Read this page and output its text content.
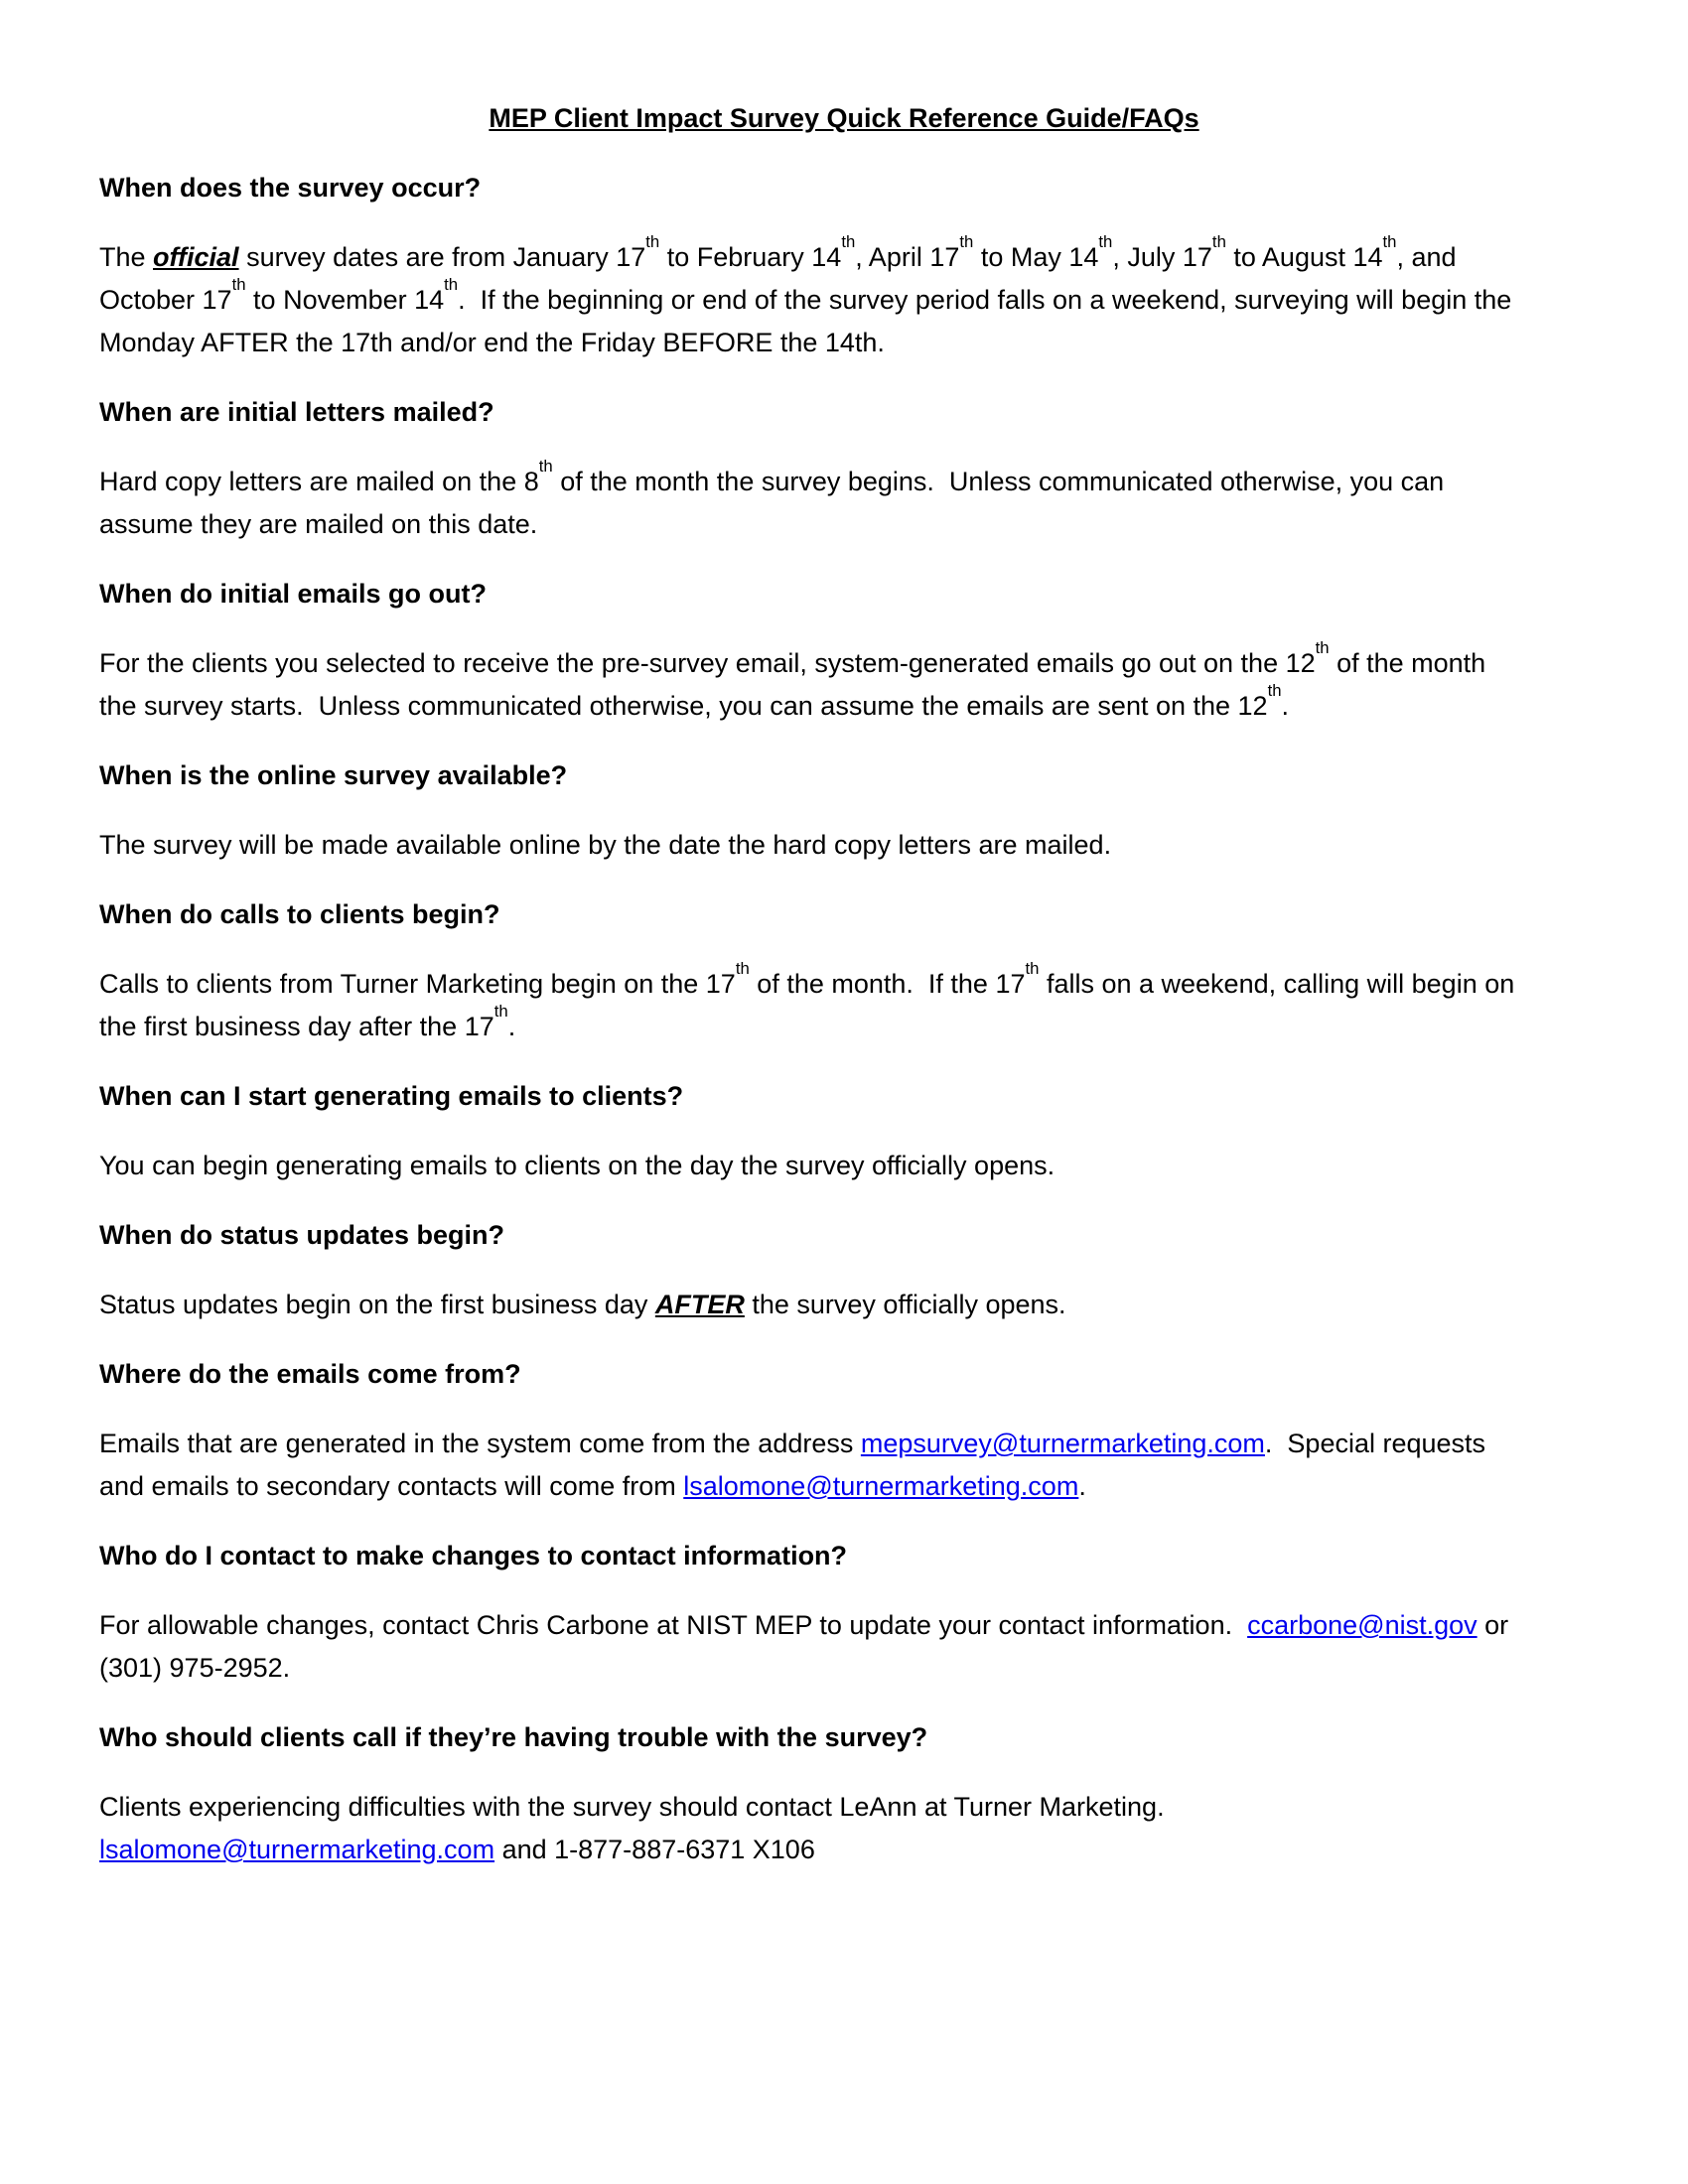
MEP Client Impact Survey Quick Reference Guide/FAQs
When does the survey occur?

The official survey dates are from January 17th to February 14th, April 17th to May 14th, July 17th to August 14th, and
October 17th to November 14th.  If the beginning or end of the survey period falls on a weekend, surveying will begin the
Monday AFTER the 17th and/or end the Friday BEFORE the 14th.

When are initial letters mailed?

Hard copy letters are mailed on the 8th of the month the survey begins.  Unless communicated otherwise, you can
assume they are mailed on this date.

When do initial emails go out?

For the clients you selected to receive the pre-survey email, system-generated emails go out on the 12th of the month
the survey starts.  Unless communicated otherwise, you can assume the emails are sent on the 12th.

When is the online survey available?

The survey will be made available online by the date the hard copy letters are mailed.

When do calls to clients begin?

Calls to clients from Turner Marketing begin on the 17th of the month.  If the 17th falls on a weekend, calling will begin on
the first business day after the 17th.

When can I start generating emails to clients?

You can begin generating emails to clients on the day the survey officially opens.

When do status updates begin?

Status updates begin on the first business day AFTER the survey officially opens.

Where do the emails come from?

Emails that are generated in the system come from the address mepsurvey@turnermarketing.com.  Special requests
and emails to secondary contacts will come from lsalomone@turnermarketing.com.

Who do I contact to make changes to contact information?

For allowable changes, contact Chris Carbone at NIST MEP to update your contact information.  ccarbone@nist.gov or
(301) 975-2952.

Who should clients call if they’re having trouble with the survey?

Clients experiencing difficulties with the survey should contact LeAnn at Turner Marketing.
lsalomone@turnermarketing.com and 1-877-887-6371 X106
